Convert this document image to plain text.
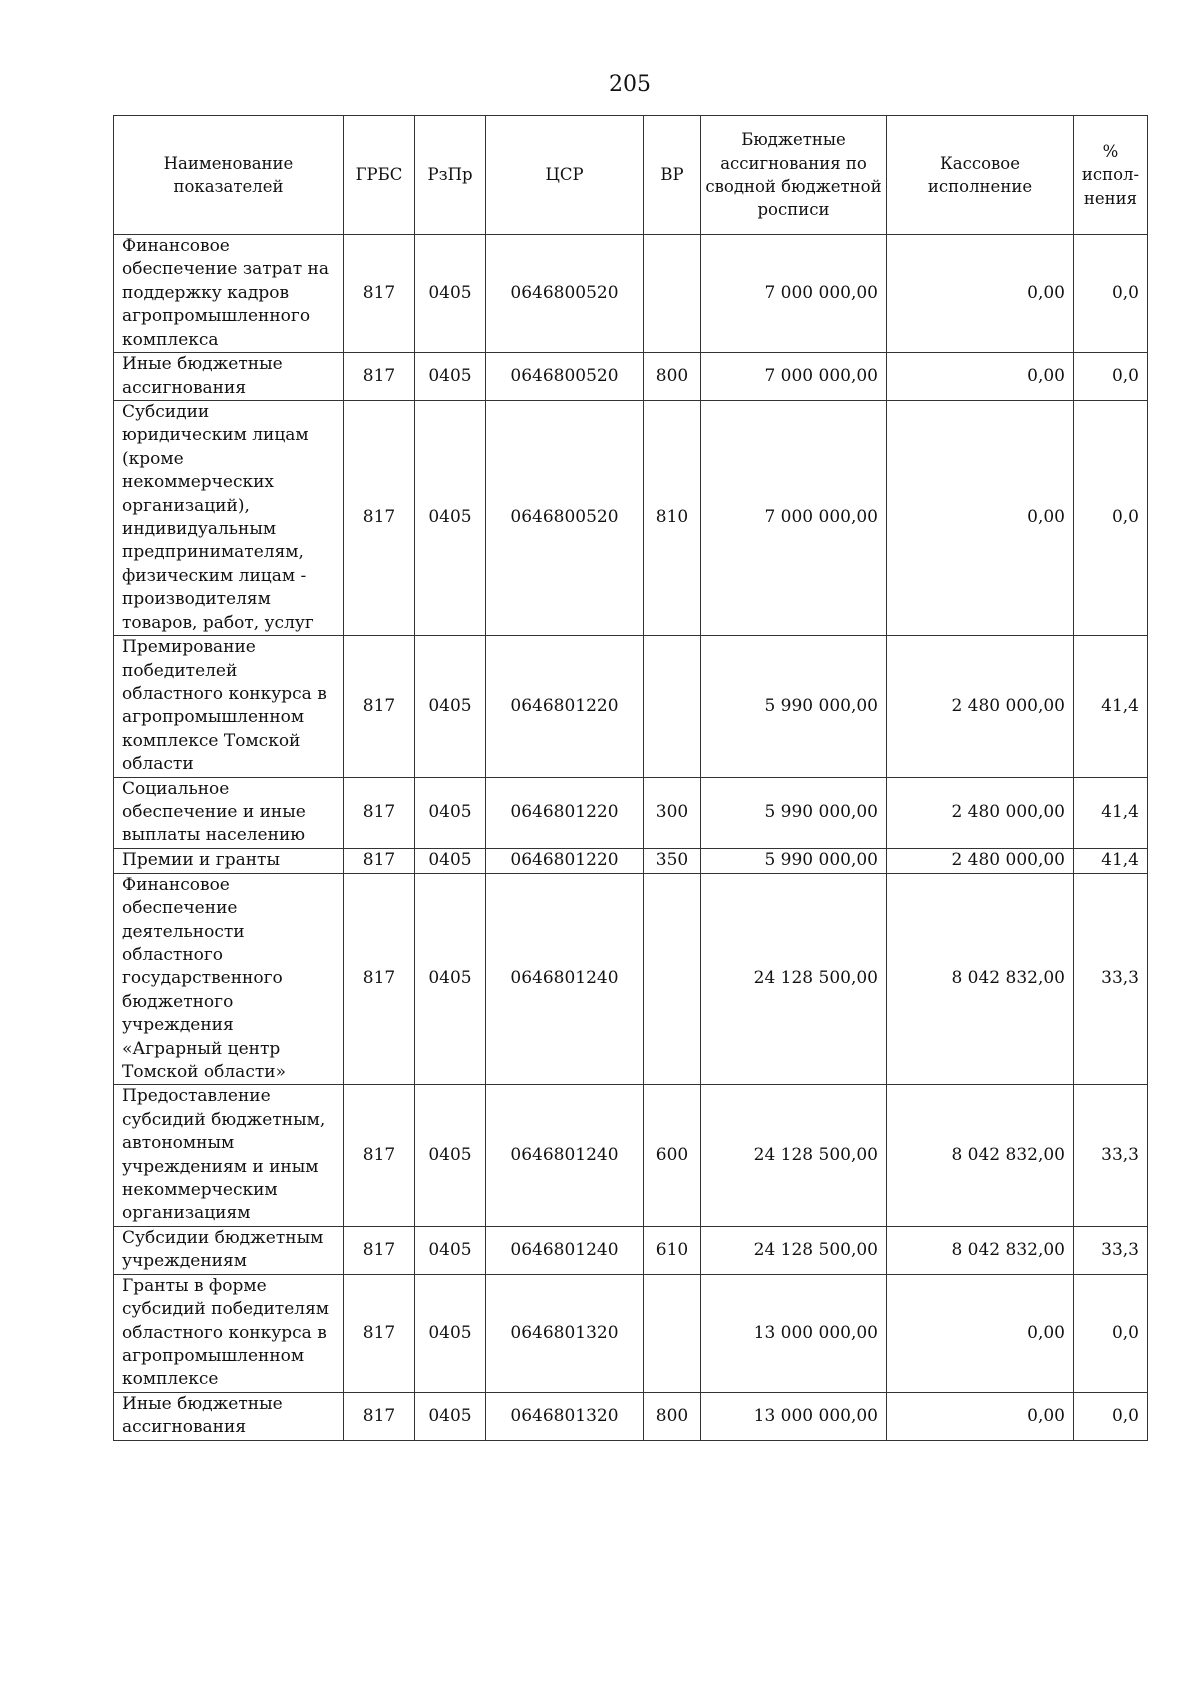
205
Наименование показателей	ГРБС	РзПр	ЦСР	ВР	Бюджетные ассигнования по сводной бюджетной росписи	Кассовое исполнение	% испол-нения
Финансовое обеспечение затрат на поддержку кадров агропромышленного комплекса	817	0405	0646800520		7 000 000,00	0,00	0,0
Иные бюджетные ассигнования	817	0405	0646800520	800	7 000 000,00	0,00	0,0
Субсидии юридическим лицам (кроме некоммерческих организаций), индивидуальным предпринимателям, физическим лицам - производителям товаров, работ, услуг	817	0405	0646800520	810	7 000 000,00	0,00	0,0
Премирование победителей областного конкурса в агропромышленном комплексе Томской области	817	0405	0646801220		5 990 000,00	2 480 000,00	41,4
Социальное обеспечение и иные выплаты населению	817	0405	0646801220	300	5 990 000,00	2 480 000,00	41,4
Премии и гранты	817	0405	0646801220	350	5 990 000,00	2 480 000,00	41,4
Финансовое обеспечение деятельности областного государственного бюджетного учреждения «Аграрный центр Томской области»	817	0405	0646801240		24 128 500,00	8 042 832,00	33,3
Предоставление субсидий бюджетным, автономным учреждениям и иным некоммерческим организациям	817	0405	0646801240	600	24 128 500,00	8 042 832,00	33,3
Субсидии бюджетным учреждениям	817	0405	0646801240	610	24 128 500,00	8 042 832,00	33,3
Гранты в форме субсидий победителям областного конкурса в агропромышленном комплексе	817	0405	0646801320		13 000 000,00	0,00	0,0
Иные бюджетные ассигнования	817	0405	0646801320	800	13 000 000,00	0,00	0,0
